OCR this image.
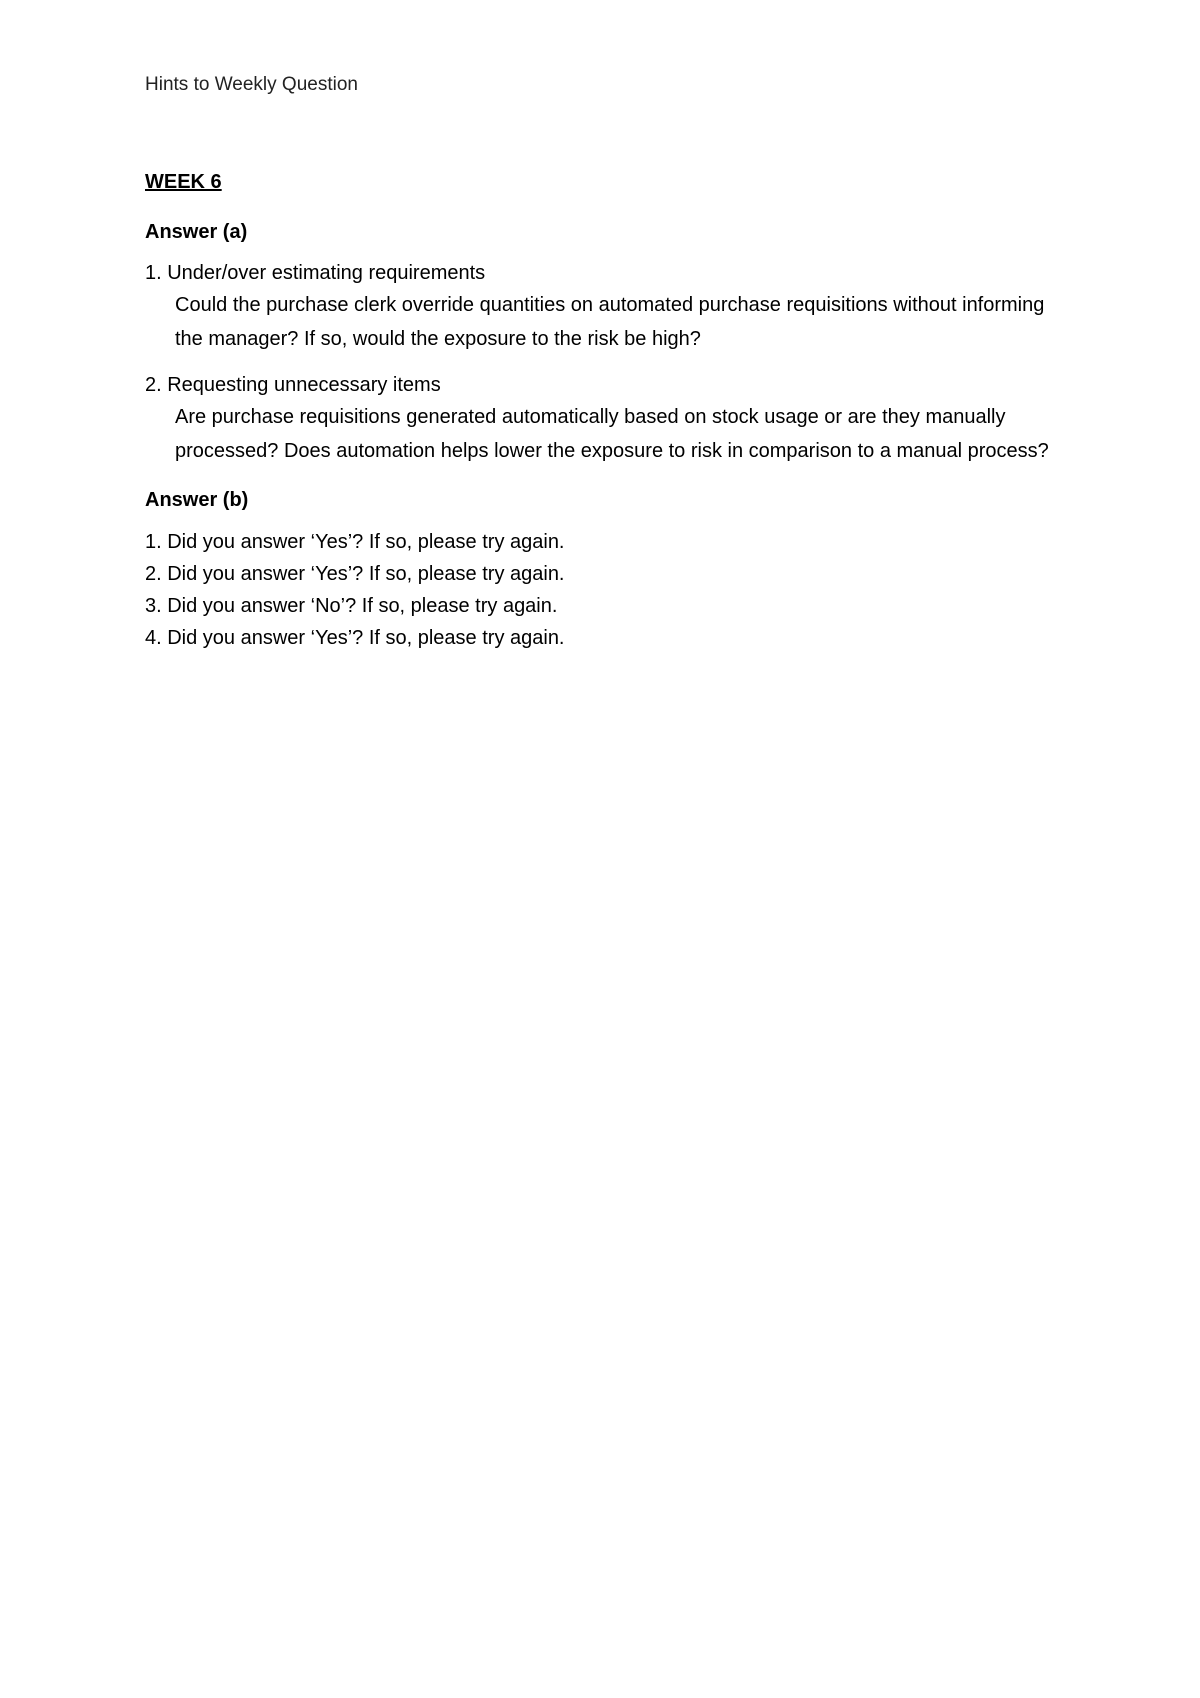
Hints to Weekly Question
WEEK 6
Answer (a)
1. Under/over estimating requirements
Could the purchase clerk override quantities on automated purchase requisitions without informing the manager? If so, would the exposure to the risk be high?
2. Requesting unnecessary items
Are purchase requisitions generated automatically based on stock usage or are they manually processed? Does automation helps lower the exposure to risk in comparison to a manual process?
Answer (b)
1. Did you answer ‘Yes’? If so, please try again.
2. Did you answer ‘Yes’? If so, please try again.
3. Did you answer ‘No’? If so, please try again.
4. Did you answer ‘Yes’? If so, please try again.
